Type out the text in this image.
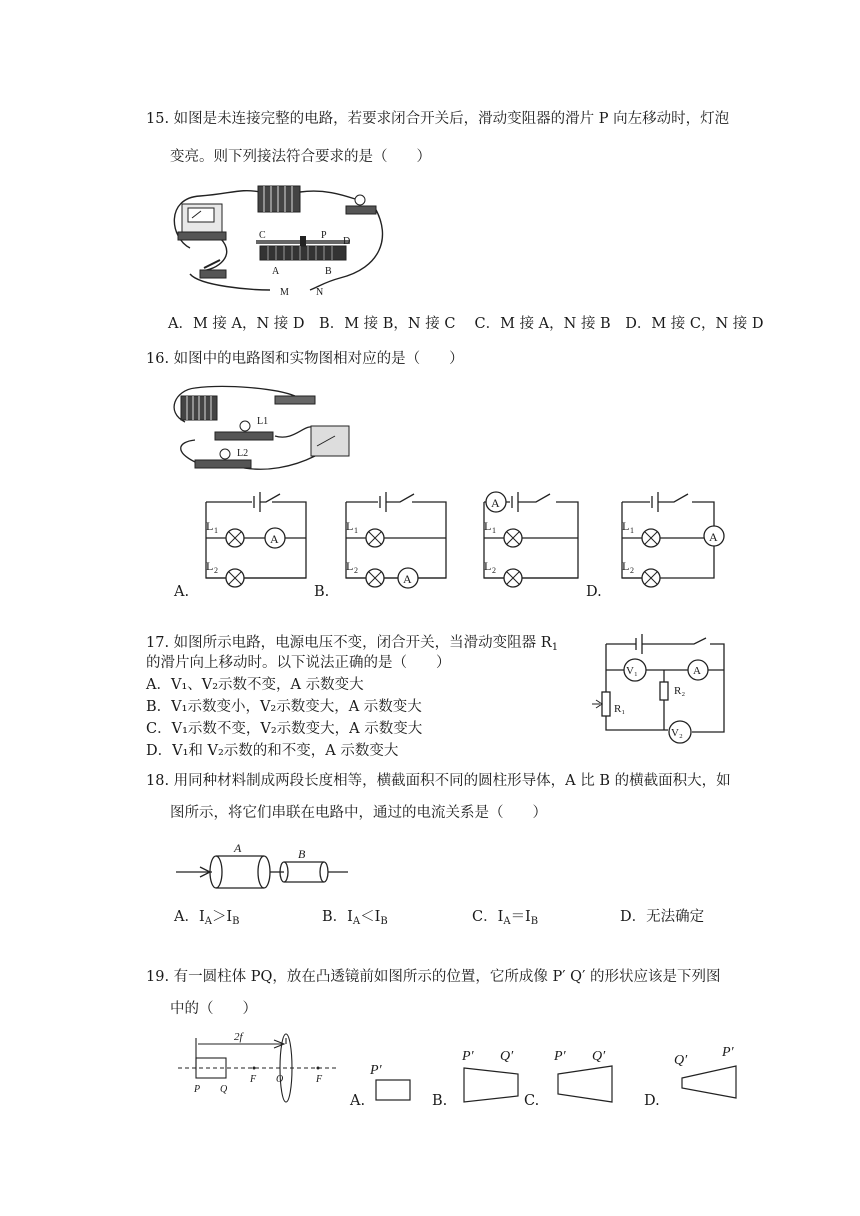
15. 如图是未连接完整的电路，若要求闭合开关后，滑动变阻器的滑片 P 向左移动时，灯泡
变亮。则下列接法符合要求的是（　　）
C	P
D
A	B
M	N
A．M 接 A，N 接 D　B．M 接 B，N 接 C　 C．M 接 A，N 接 B　D．M 接 C，N 接 D
16. 如图中的电路图和实物图相对应的是（　　）
L1
L2
A
L 1
L 2
A.
A
L 1
L 2
B.
A
L 1
L 2
A
L 1
L 2
D.
17. 如图所示电路，电源电压不变，闭合开关，当滑动变阻器 $R_1$
的滑片向上移动时。以下说法正确的是（　　）
A．V₁、V₂示数不变，A 示数变大
B．V₁示数变小，V₂示数变大，A 示数变大
C．V₁示数不变，V₂示数变大，A 示数变大
D．V₁和 V₂示数的和不变，A 示数变大
V₁	A
R₂
R₁
V₂
18. 用同种材料制成两段长度相等，横截面积不同的圆柱形导体，A 比 B 的横截面积大，如
图所示，将它们串联在电路中，通过的电流关系是（　　）
A	B
A．$I_A>I_B$	B．$I_A<I_B$	C．$I_A=I_B$	D．无法确定
19. 有一圆柱体 PQ，放在凸透镜前如图所示的位置，它所成像 P′ Q′ 的形状应该是下列图
中的（　　）
2f
P Q
F O	F
P′
A.
P′ Q′
B.
P′ Q′
C.
Q′
P′
D.
